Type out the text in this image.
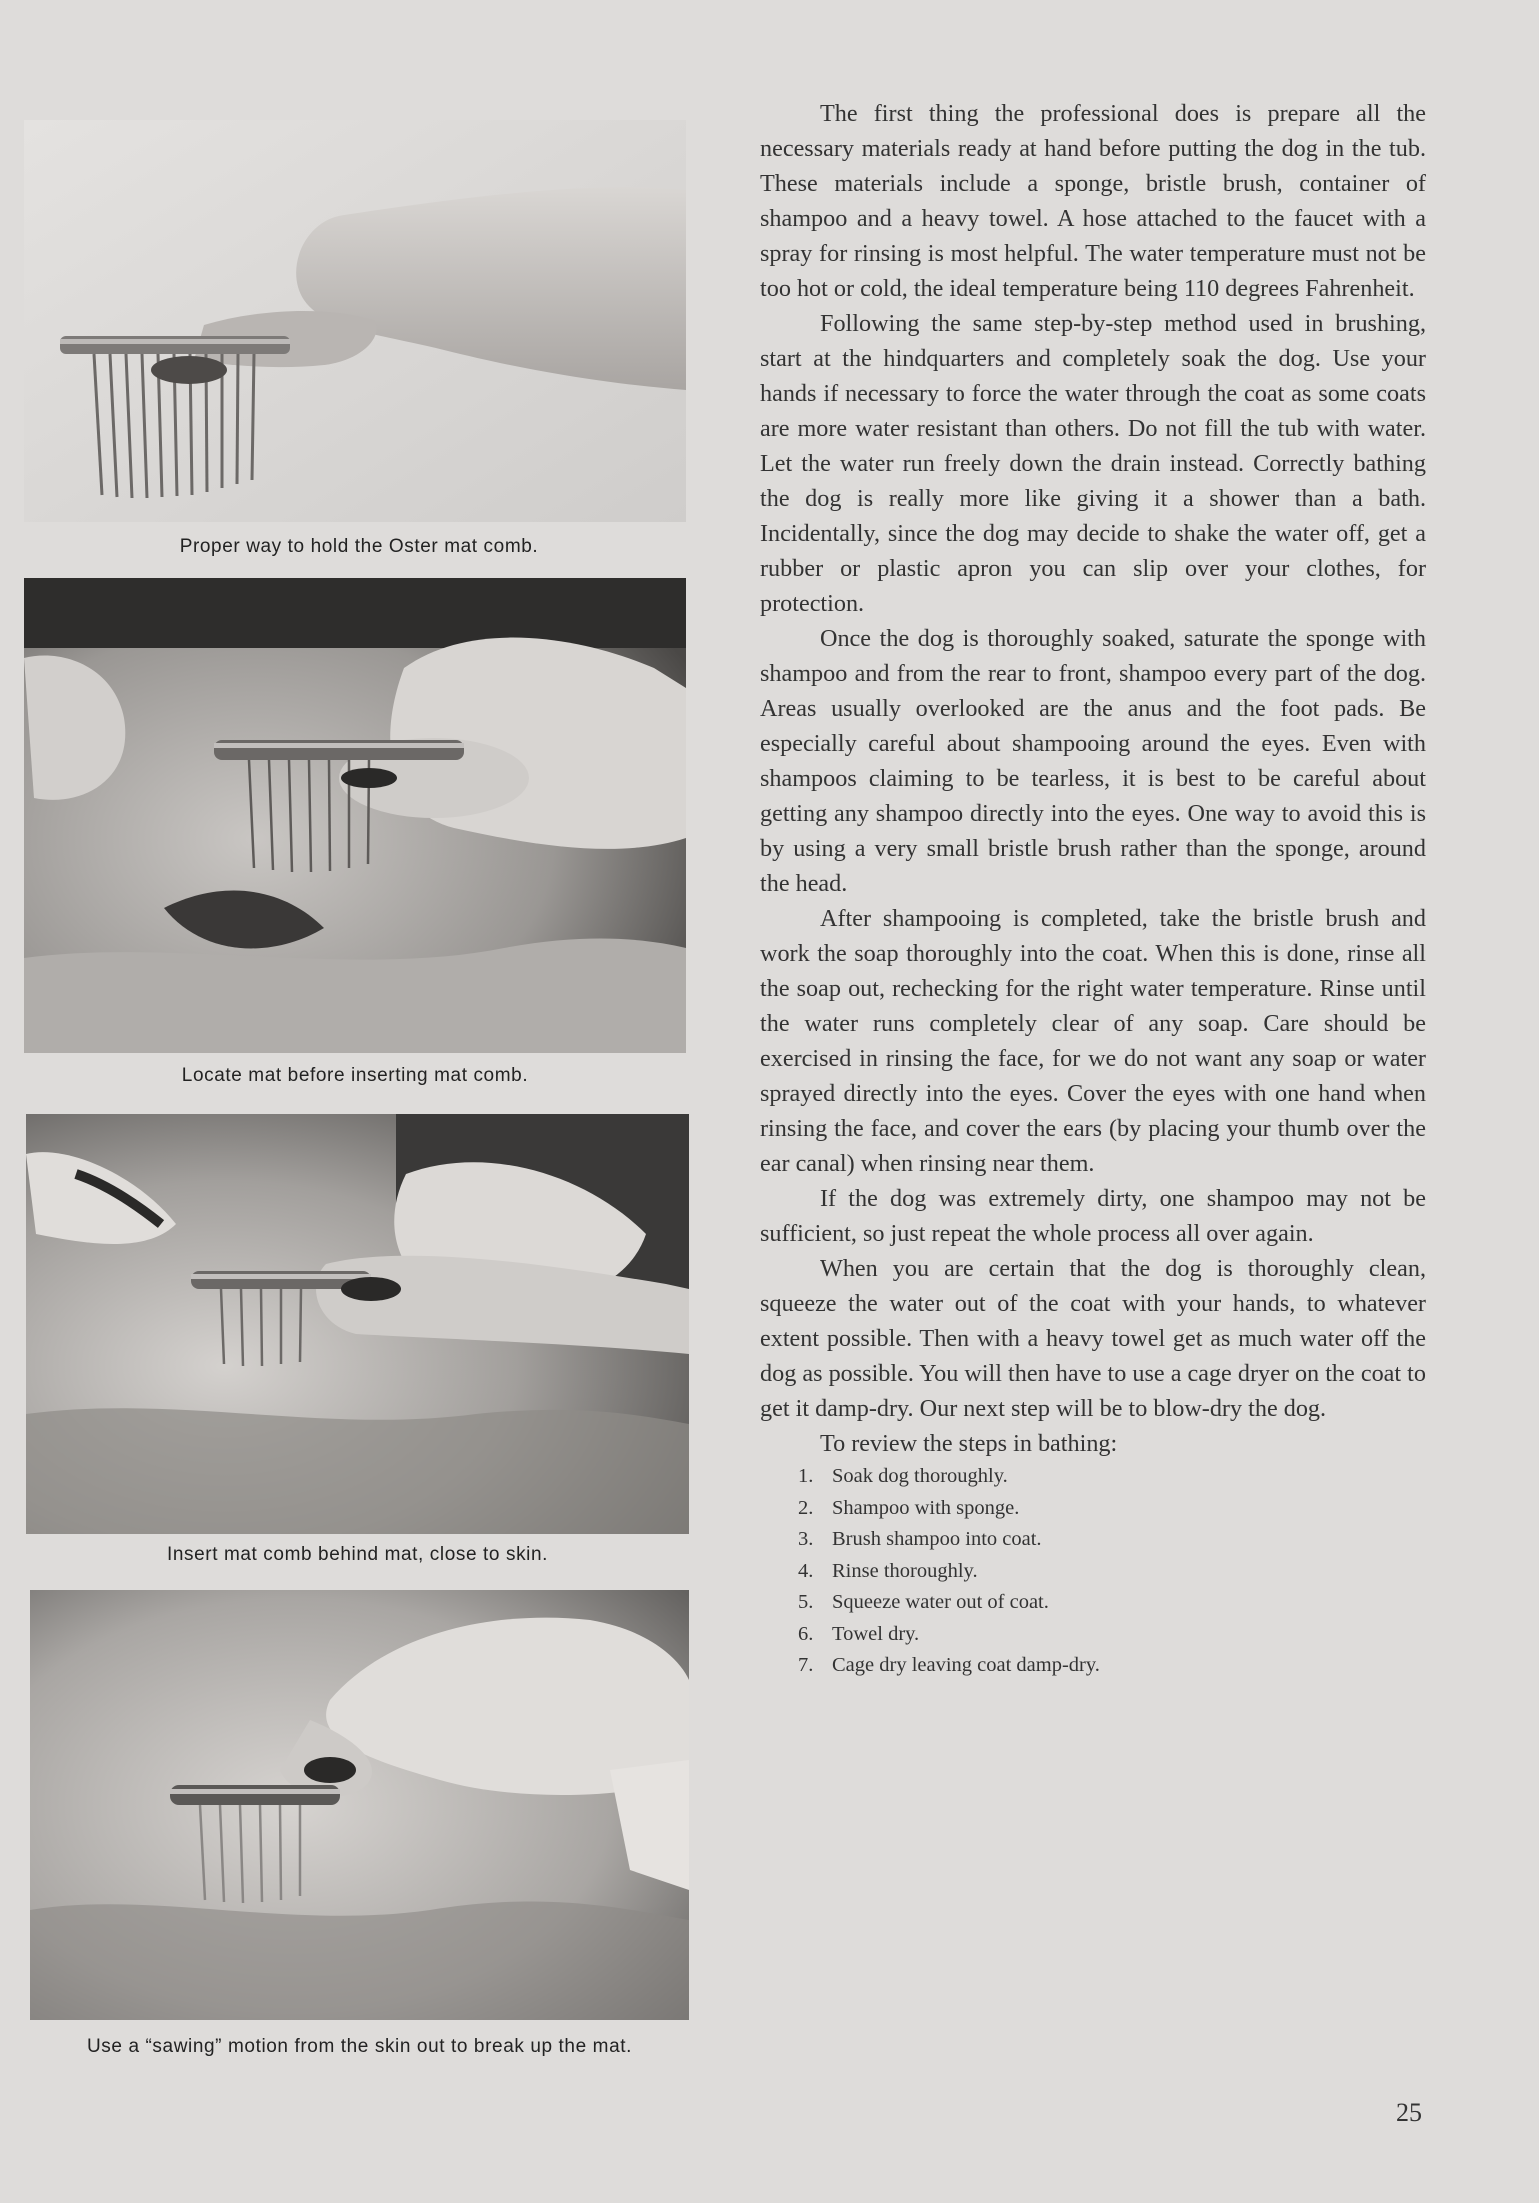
Proper way to hold the Oster mat comb.
Locate mat before inserting mat comb.
Insert mat comb behind mat, close to skin.
Use a “sawing” motion from the skin out to break up the mat.

The first thing the professional does is prepare all the necessary materials ready at hand before putting the dog in the tub. These materials include a sponge, bristle brush, container of shampoo and a heavy towel. A hose attached to the faucet with a spray for rinsing is most helpful. The water temperature must not be too hot or cold, the ideal temperature being 110 degrees Fahrenheit.

Following the same step-by-step method used in brushing, start at the hindquarters and completely soak the dog. Use your hands if necessary to force the water through the coat as some coats are more water resistant than others. Do not fill the tub with water. Let the water run freely down the drain instead. Correctly bathing the dog is really more like giving it a shower than a bath. Incidentally, since the dog may decide to shake the water off, get a rubber or plastic apron you can slip over your clothes, for protection.

Once the dog is thoroughly soaked, saturate the sponge with shampoo and from the rear to front, shampoo every part of the dog. Areas usually overlooked are the anus and the foot pads. Be especially careful about shampooing around the eyes. Even with shampoos claiming to be tearless, it is best to be careful about getting any shampoo directly into the eyes. One way to avoid this is by using a very small bristle brush rather than the sponge, around the head.

After shampooing is completed, take the bristle brush and work the soap thoroughly into the coat. When this is done, rinse all the soap out, rechecking for the right water temperature. Rinse until the water runs completely clear of any soap. Care should be exercised in rinsing the face, for we do not want any soap or water sprayed directly into the eyes. Cover the eyes with one hand when rinsing the face, and cover the ears (by placing your thumb over the ear canal) when rinsing near them.

If the dog was extremely dirty, one shampoo may not be sufficient, so just repeat the whole process all over again.

When you are certain that the dog is thoroughly clean, squeeze the water out of the coat with your hands, to whatever extent possible. Then with a heavy towel get as much water off the dog as possible. You will then have to use a cage dryer on the coat to get it damp-dry. Our next step will be to blow-dry the dog.

To review the steps in bathing:

1. Soak dog thoroughly.
2. Shampoo with sponge.
3. Brush shampoo into coat.
4. Rinse thoroughly.
5. Squeeze water out of coat.
6. Towel dry.
7. Cage dry leaving coat damp-dry.
25
